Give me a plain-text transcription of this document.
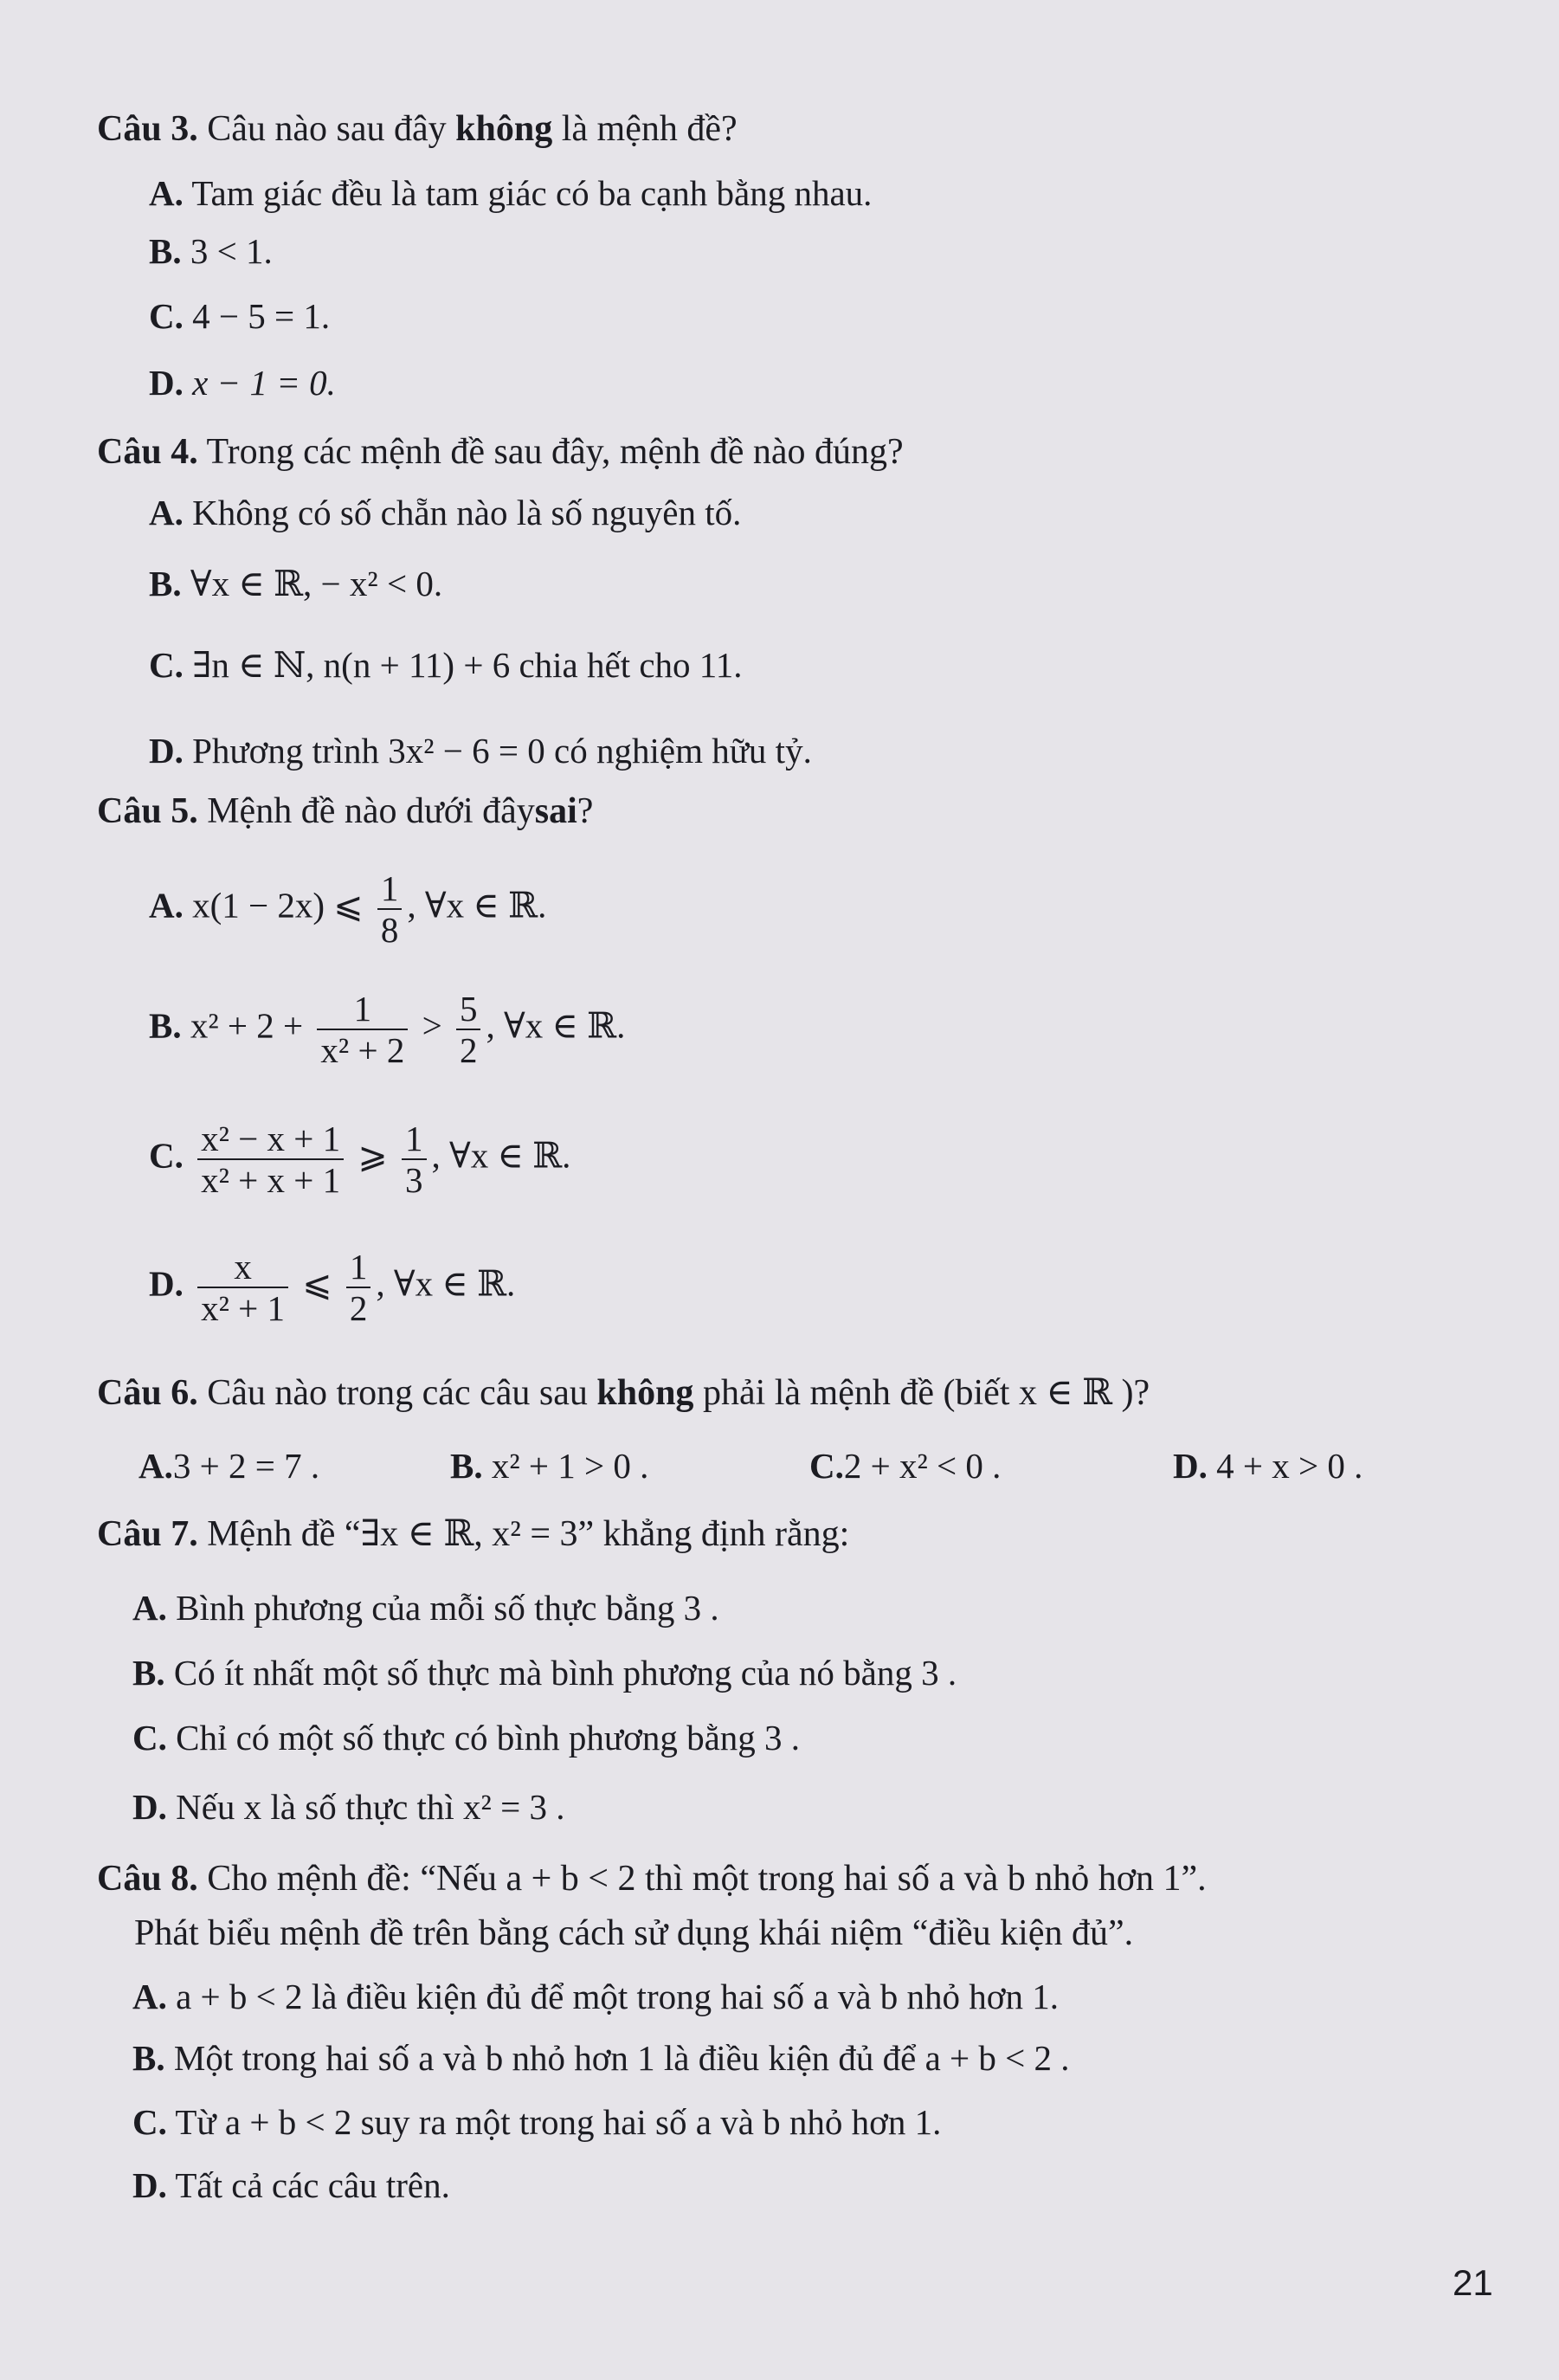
Câu 3. Câu nào sau đây không là mệnh đề?
A. Tam giác đều là tam giác có ba cạnh bằng nhau.
B. 3 < 1.
C. 4 − 5 = 1.
D. x − 1 = 0.
Câu 4. Trong các mệnh đề sau đây, mệnh đề nào đúng?
A. Không có số chẵn nào là số nguyên tố.
B. ∀x ∈ ℝ, − x² < 0.
C. ∃n ∈ ℕ, n(n + 11) + 6 chia hết cho 11.
D. Phương trình 3x² − 6 = 0 có nghiệm hữu tỷ.
Câu 5. Mệnh đề nào dưới đâysai?
A. x(1 − 2x) ⩽ $\frac{1}{8}$ , ∀x ∈ ℝ.
B. $x^2 + 2 + \frac{1}{\text{x² + 2}} > \frac{5}{2}$ , ∀x ∈ ℝ.
C. $\frac{\text{x² − x + 1}}{\text{x² + x + 1}}$ ⩾ $\frac{1}{3}$ , ∀x ∈ ℝ.
D. $\frac{x}{\text{x² + 1}}$ ⩽ $\frac{1}{2}$ , ∀x ∈ ℝ.
Câu 6. Câu nào trong các câu sau không phải là mệnh đề (biết x ∈ ℝ )?
A.3 + 2 = 7 .	B. x² + 1 > 0 .	C.2 + x² < 0 .	D. 4 + x > 0 .
Câu 7. Mệnh đề “∃x ∈ ℝ, x² = 3” khẳng định rằng:
A. Bình phương của mỗi số thực bằng 3 .
B. Có ít nhất một số thực mà bình phương của nó bằng 3 .
C. Chỉ có một số thực có bình phương bằng 3 .
D. Nếu x là số thực thì x² = 3 .
Câu 8. Cho mệnh đề: “Nếu a + b < 2 thì một trong hai số a và b nhỏ hơn 1”.
Phát biểu mệnh đề trên bằng cách sử dụng khái niệm “điều kiện đủ”.
A. a + b < 2 là điều kiện đủ để một trong hai số a và b nhỏ hơn 1.
B. Một trong hai số a và b nhỏ hơn 1 là điều kiện đủ để a + b < 2 .
C. Từ a + b < 2 suy ra một trong hai số a và b nhỏ hơn 1.
D. Tất cả các câu trên.
21
